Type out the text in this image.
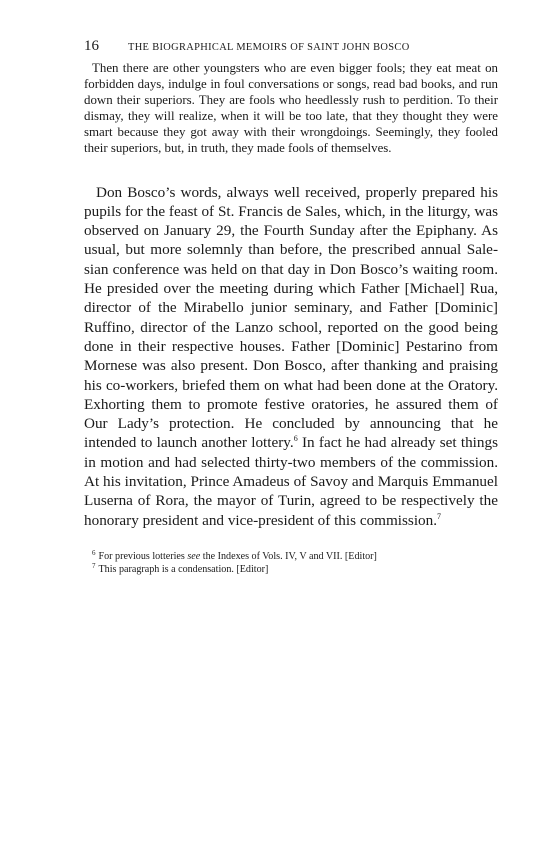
16	THE BIOGRAPHICAL MEMOIRS OF SAINT JOHN BOSCO

Then there are other youngsters who are even bigger fools; they eat meat on forbidden days, indulge in foul conversations or songs, read bad books, and run down their superiors. They are fools who heedlessly rush to perdition. To their dismay, they will realize, when it will be too late, that they thought they were smart because they got away with their wrongdoings. Seemingly, they fooled their superiors, but, in truth, they made fools of themselves.

Don Bosco’s words, always well received, properly prepared his pupils for the feast of St. Francis de Sales, which, in the liturgy, was observed on January 29, the Fourth Sunday after the Epiphany. As usual, but more solemnly than before, the prescribed annual Salesian conference was held on that day in Don Bosco’s waiting room. He presided over the meeting during which Father [Michael] Rua, director of the Mirabello junior seminary, and Father [Dominic] Ruffino, director of the Lanzo school, reported on the good being done in their respective houses. Father [Dominic] Pestarino from Mornese was also present. Don Bosco, after thanking and praising his co-workers, briefed them on what had been done at the Oratory. Exhorting them to promote festive oratories, he assured them of Our Lady’s protection. He concluded by announcing that he intended to launch another lottery.$^6$ In fact he had already set things in motion and had selected thirty-two members of the commission. At his invitation, Prince Amadeus of Savoy and Marquis Emmanuel Luserna of Rora, the mayor of Turin, agreed to be respectively the honorary president and vice-president of this commission.$^7$

$^6$ For previous lotteries see the Indexes of Vols. IV, V and VII. [Editor]

$^7$ This paragraph is a condensation. [Editor]
